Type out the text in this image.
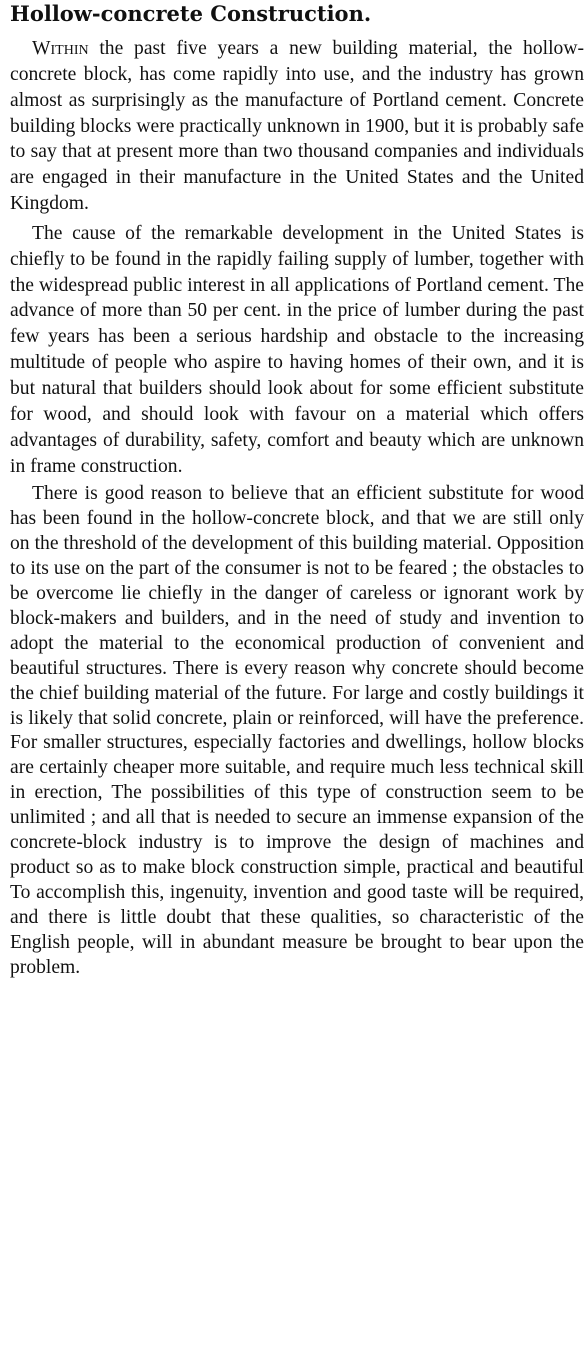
Hollow-concrete Construction.

Within the past five years a new building material, the hollow-concrete block, has come rapidly into use, and the industry has grown almost as surprisingly as the manufacture of Portland cement. Concrete building blocks were practically unknown in 1900, but it is probably safe to say that at present more than two thousand companies and individuals are engaged in their manufacture in the United States and the United Kingdom.

The cause of the remarkable development in the United States is chiefly to be found in the rapidly failing supply of lumber, together with the widespread public interest in all applications of Portland cement. The advance of more than 50 per cent. in the price of lumber during the past few years has been a serious hardship and obstacle to the increasing multitude of people who aspire to having homes of their own, and it is but natural that builders should look about for some efficient substitute for wood, and should look with favour on a material which offers advantages of durability, safety, comfort and beauty which are unknown in frame construction.

There is good reason to believe that an efficient substitute for wood has been found in the hollow-concrete block, and that we are still only on the threshold of the development of this building material. Opposition to its use on the part of the consumer is not to be feared ; the obstacles to be overcome lie chiefly in the danger of careless or ignorant work by block-makers and builders, and in the need of study and invention to adopt the material to the economical production of convenient and beautiful structures. There is every reason why concrete should become the chief building material of the future. For large and costly buildings it is likely that solid concrete, plain or reinforced, will have the preference. For smaller structures, especially factories and dwellings, hollow blocks are certainly cheaper more suitable, and require much less technical skill in erection, The possibilities of this type of construction seem to be unlimited ; and all that is needed to secure an immense expansion of the concrete-block industry is to improve the design of machines and product so as to make block construction simple, practical and beautiful To accomplish this, ingenuity, invention and good taste will be required, and there is little doubt that these qualities, so characteristic of the English people, will in abundant measure be brought to bear upon the problem.
